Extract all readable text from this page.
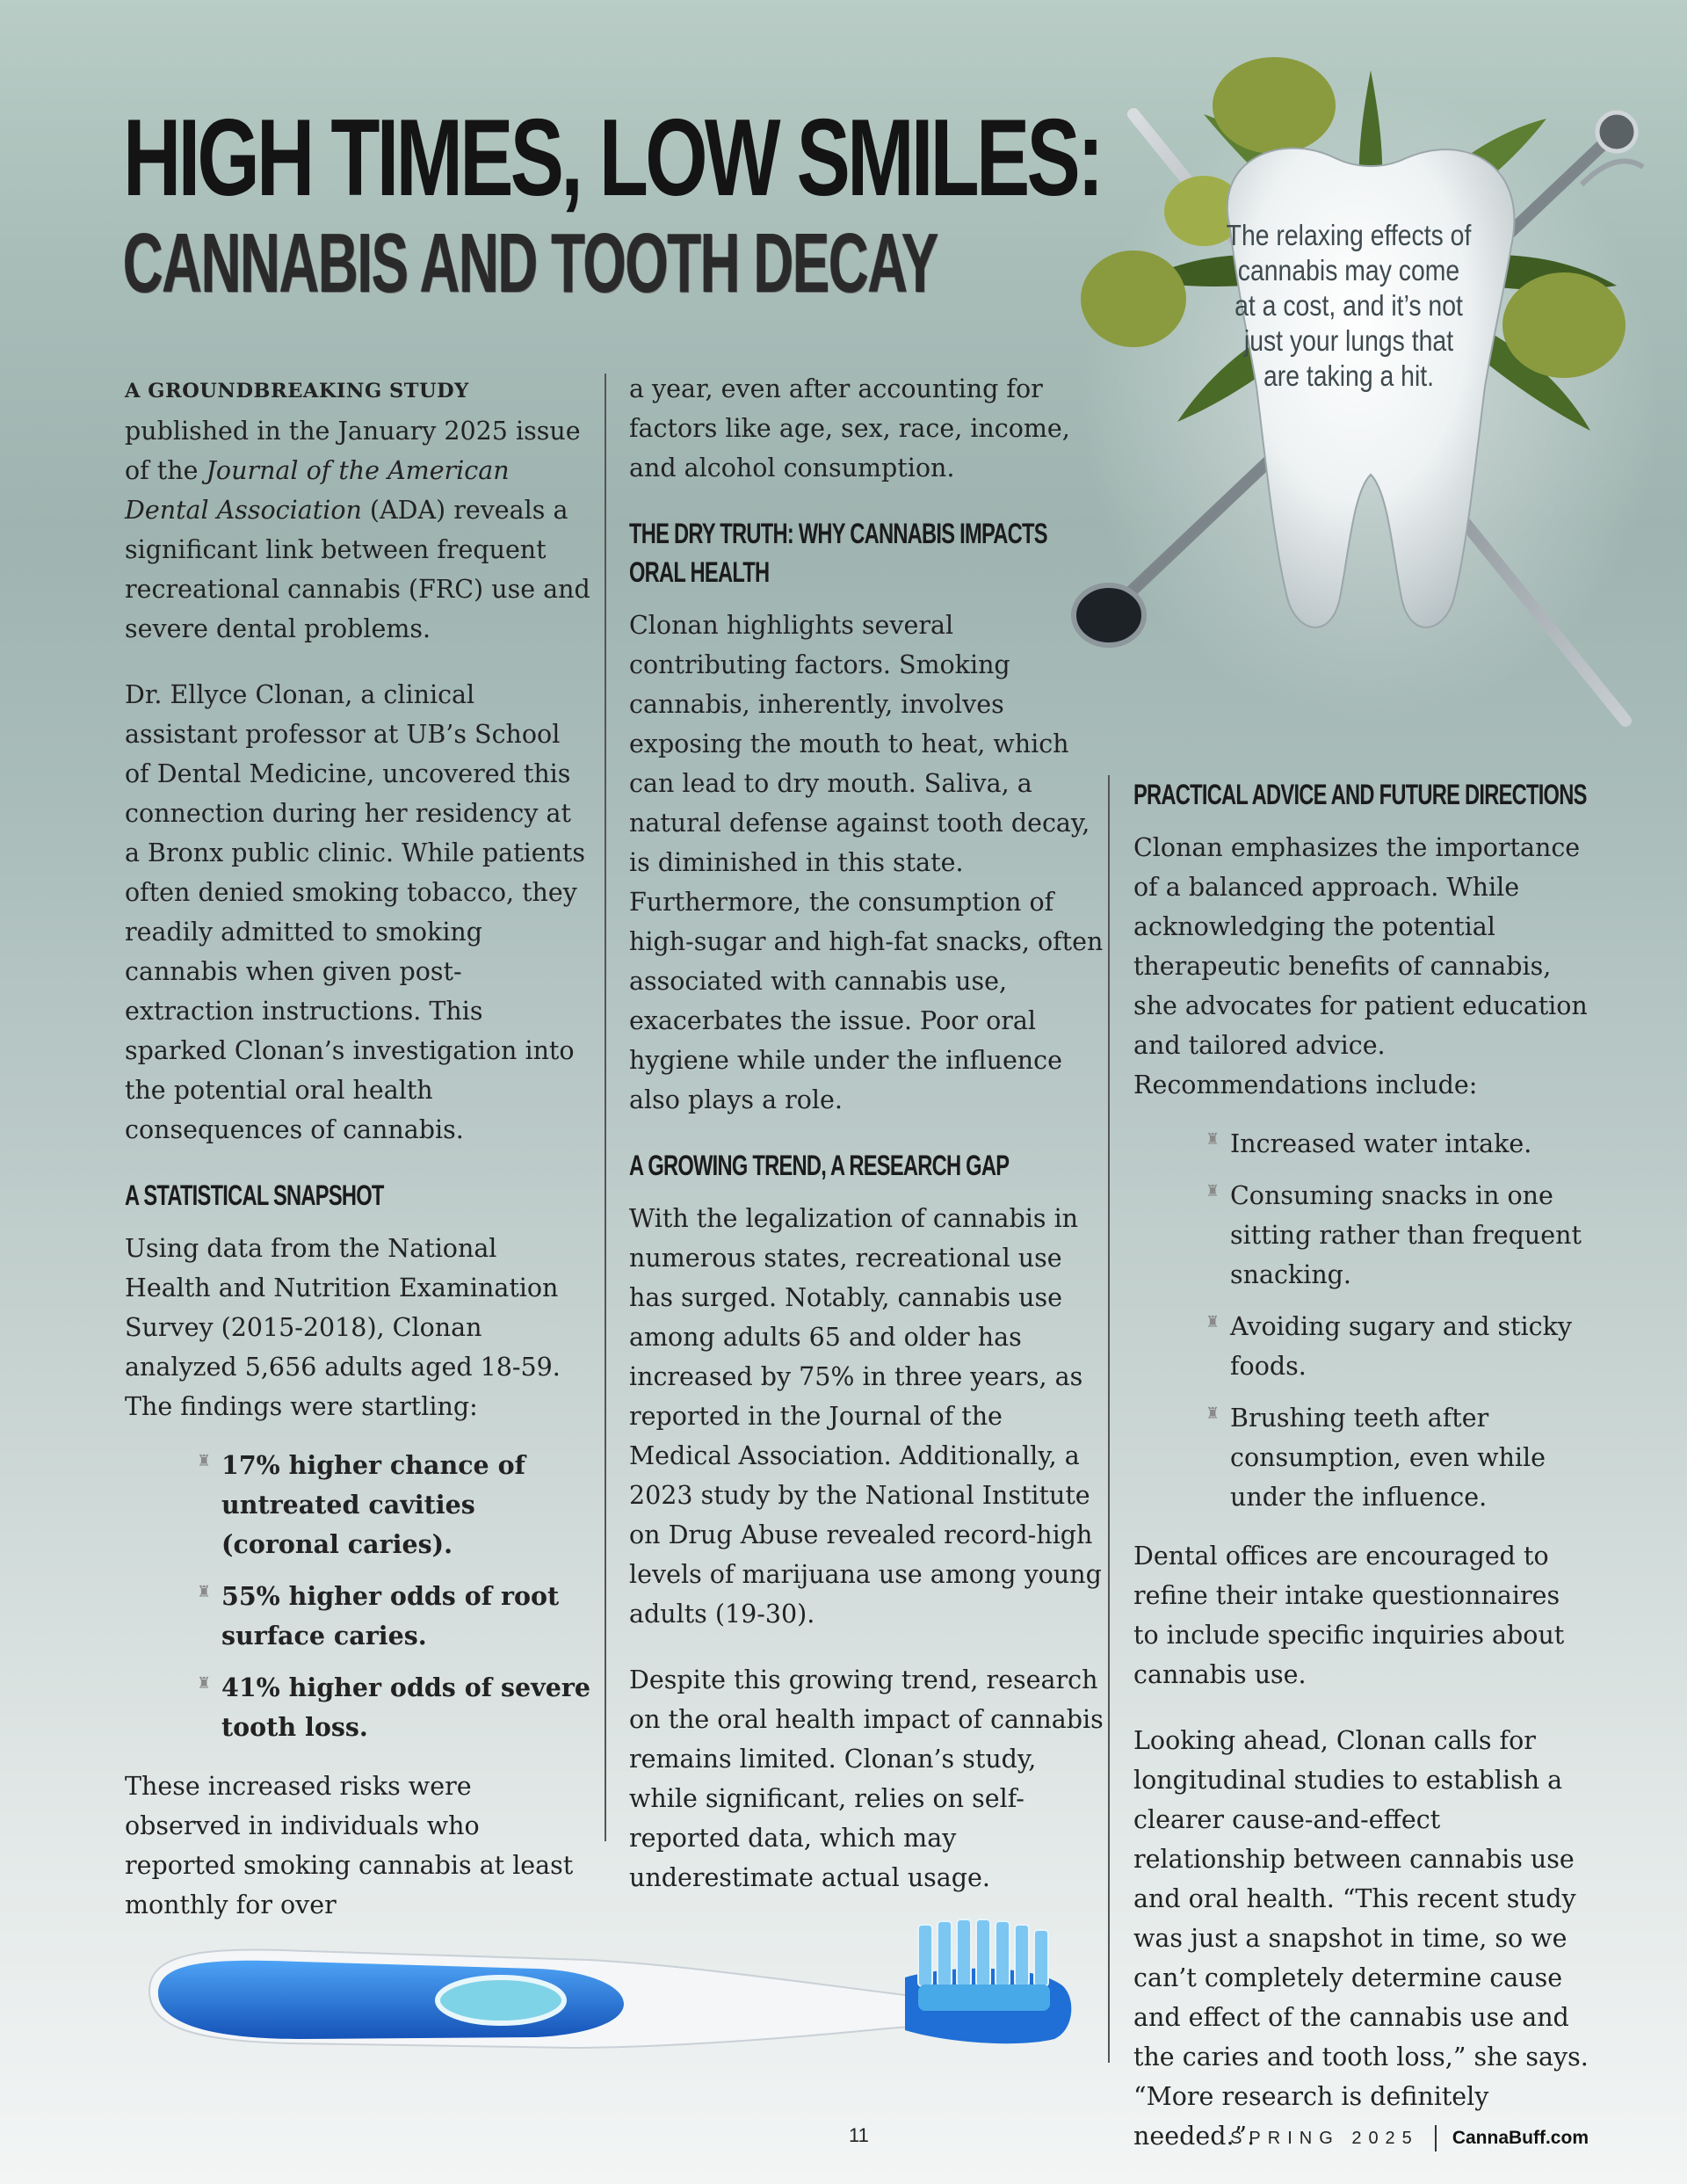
HIGH TIMES, LOW SMILES:
CANNABIS AND TOOTH DECAY	The relaxing effects of cannabis may come at a cost, and it’s not just your lungs that are taking a hit.

A GROUNDBREAKING STUDY published in the January 2025 issue of the Journal of the American Dental Association (ADA) reveals a significant link between frequent recreational cannabis (FRC) use and severe dental problems.

Dr. Ellyce Clonan, a clinical assistant professor at UB’s School of Dental Medicine, uncovered this connection during her residency at a Bronx public clinic. While patients often denied smoking tobacco, they readily admitted to smoking cannabis when given post-extraction instructions. This sparked Clonan’s investigation into the potential oral health consequences of cannabis.

A STATISTICAL SNAPSHOT

Using data from the National Health and Nutrition Examination Survey (2015-2018), Clonan analyzed 5,656 adults aged 18-59. The findings were startling:

♜ 17% higher chance of untreated cavities (coronal caries).
♜ 55% higher odds of root surface caries.
♜ 41% higher odds of severe tooth loss.

These increased risks were observed in individuals who reported smoking cannabis at least monthly for over

a year, even after accounting for factors like age, sex, race, income, and alcohol consumption.

THE DRY TRUTH: WHY CANNABIS IMPACTS ORAL HEALTH

Clonan highlights several contributing factors. Smoking cannabis, inherently, involves exposing the mouth to heat, which can lead to dry mouth. Saliva, a natural defense against tooth decay, is diminished in this state. Furthermore, the consumption of high-sugar and high-fat snacks, often associated with cannabis use, exacerbates the issue. Poor oral hygiene while under the influence also plays a role.

A GROWING TREND, A RESEARCH GAP

With the legalization of cannabis in numerous states, recreational use has surged. Notably, cannabis use among adults 65 and older has increased by 75% in three years, as reported in the Journal of the Medical Association. Additionally, a 2023 study by the National Institute on Drug Abuse revealed record-high levels of marijuana use among young adults (19-30).

Despite this growing trend, research on the oral health impact of cannabis remains limited. Clonan’s study, while significant, relies on self-reported data, which may underestimate actual usage.

PRACTICAL ADVICE AND FUTURE DIRECTIONS

Clonan emphasizes the importance of a balanced approach. While acknowledging the potential therapeutic benefits of cannabis, she advocates for patient education and tailored advice. Recommendations include:

♜ Increased water intake.
♜ Consuming snacks in one sitting rather than frequent snacking.
♜ Avoiding sugary and sticky foods.
♜ Brushing teeth after consumption, even while under the influence.

Dental offices are encouraged to refine their intake questionnaires to include specific inquiries about cannabis use.

Looking ahead, Clonan calls for longitudinal studies to establish a clearer cause-and-effect relationship between cannabis use and oral health. “This recent study was just a snapshot in time, so we can’t completely determine cause and effect of the cannabis use and the caries and tooth loss,” she says. “More research is definitely needed.”.

11	SPRING 2025 CannaBuff.com
